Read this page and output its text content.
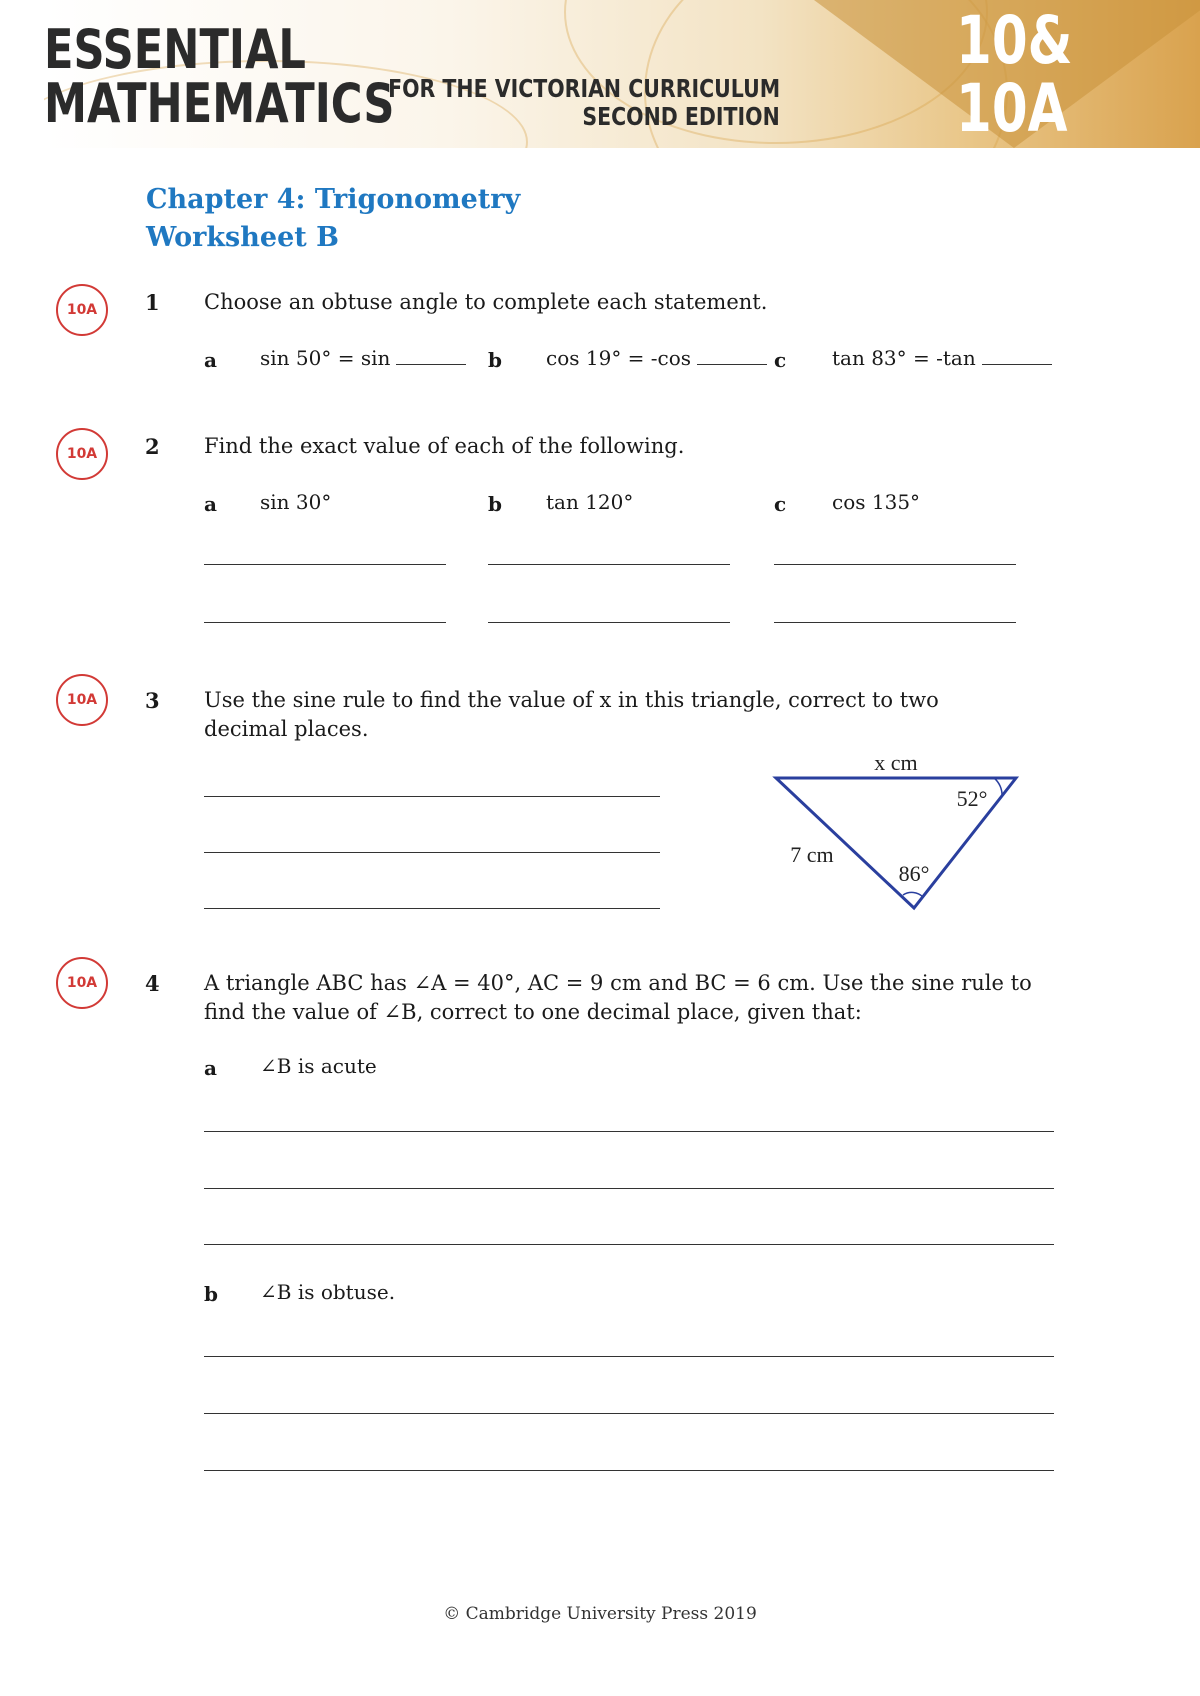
ESSENTIAL
MATHEMATICS
FOR THE VICTORIAN CURRICULUM
SECOND EDITION
10&
10A
Chapter 4: Trigonometry
Worksheet B
10A	1 Choose an obtuse angle to complete each statement.
a sin 50° = sin	b cos 19° = -cos	c tan 83° = -tan
10A	2 Find the exact value of each of the following.
a sin 30°	b tan 120°	c cos 135°
10A	3 Use the sine rule to find the value of x in this triangle, correct to two decimal places.
x cm
7 cm
52°
86°
10A	4 A triangle ABC has ∠A = 40°, AC = 9 cm and BC = 6 cm. Use the sine rule to find the value of ∠B, correct to one decimal place, given that:
a ∠B is acute
b ∠B is obtuse.
© Cambridge University Press 2019
